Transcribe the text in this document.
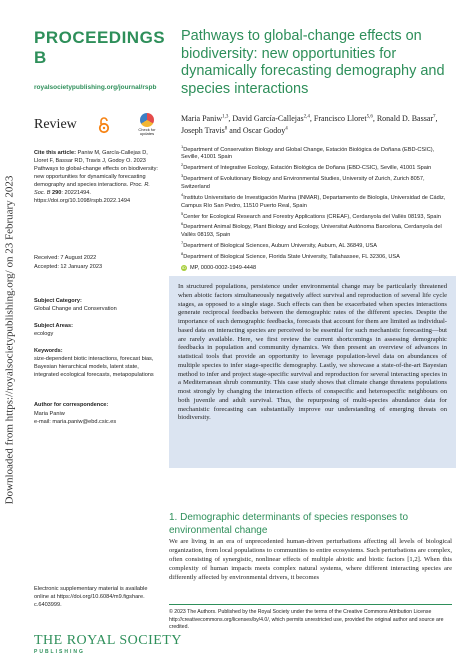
Downloaded from https://royalsocietypublishing.org/ on 23 February 2023
PROCEEDINGS B
royalsocietypublishing.org/journal/rspb
Review	Check for updates
Cite this article: Paniw M, García-Callejas D, Lloret F, Bassar RD, Travis J, Godoy O. 2023 Pathways to global-change effects on biodiversity: new opportunities for dynamically forecasting demography and species interactions. Proc. R. Soc. B 290: 20221494. https://doi.org/10.1098/rspb.2022.1494
Received: 7 August 2022
Accepted: 12 January 2023
Subject Category:
Global Change and Conservation
Subject Areas:
ecology
Keywords:
size-dependent biotic interactions, forecast bias, Bayesian hierarchical models, latent state, integrated ecological forecasts, metapopulations
Author for correspondence:
Maria Paniw
e-mail: maria.paniw@ebd.csic.es
Electronic supplementary material is available online at https://doi.org/10.6084/m9.figshare. c.6403999.
THE ROYAL SOCIETY
PUBLISHING
Pathways to global-change effects on biodiversity: new opportunities for dynamically forecasting demography and species interactions
Maria Paniw$^{1,3}$, David García-Callejas$^{2,4}$, Francisco Lloret$^{5,6}$, Ronald D. Bassar$^7$, Joseph Travis$^8$ and Oscar Godoy$^4$
$^1$Department of Conservation Biology and Global Change, Estación Biológica de Doñana (EBD-CSIC), Seville, 41001 Spain
$^2$Department of Integrative Ecology, Estación Biológica de Doñana (EBD-CSIC), Seville, 41001 Spain
$^3$Department of Evolutionary Biology and Environmental Studies, University of Zurich, Zurich 8057, Switzerland
$^4$Instituto Universitario de Investigación Marina (INMAR), Departamento de Biología, Universidad de Cádiz, Campus Río San Pedro, 11510 Puerto Real, Spain
$^5$Center for Ecological Research and Forestry Applications (CREAF), Cerdanyola del Vallès 08193, Spain
$^6$Department Animal Biology, Plant Biology and Ecology, Universitat Autònoma Barcelona, Cerdanyola del Vallès 08193, Spain
$^7$Department of Biological Sciences, Auburn University, Auburn, AL 36849, USA
$^8$Department of Biological Science, Florida State University, Tallahassee, FL 32306, USA
iD MP, 0000-0002-1949-4448
In structured populations, persistence under environmental change may be particularly threatened when abiotic factors simultaneously negatively affect survival and reproduction of several life cycle stages, as opposed to a single stage. Such effects can then be exacerbated when species interactions generate reciprocal feedbacks between the demographic rates of the different species. Despite the importance of such demographic feedbacks, forecasts that account for them are limited as individual-based data on interacting species are perceived to be essential for such mechanistic forecasting—but are rarely available. Here, we first review the current shortcomings in assessing demographic feedbacks in population and community dynamics. We then present an overview of advances in statistical tools that provide an opportunity to leverage population-level data on abundances of multiple species to infer stage-specific demography. Lastly, we showcase a state-of-the-art Bayesian method to infer and project stage-specific survival and reproduction for several interacting species in a Mediterranean shrub community. This case study shows that climate change threatens populations most strongly by changing the interaction effects of conspecific and heterospecific neighbours on both juvenile and adult survival. Thus, the repurposing of multi-species abundance data for mechanistic forecasting can substantially improve our understanding of emerging threats on biodiversity.
1. Demographic determinants of species responses to environmental change
We are living in an era of unprecedented human-driven perturbations affecting all levels of biological organization, from local populations to communities to entire ecosystems. Such perturbations are complex, often consisting of synergistic, nonlinear effects of multiple abiotic and biotic factors [1,2]. When this complexity of human impacts meets complex natural systems, where different interacting species are differently affected by environmental drivers, it becomes
© 2023 The Authors. Published by the Royal Society under the terms of the Creative Commons Attribution License http://creativecommons.org/licenses/by/4.0/, which permits unrestricted use, provided the original author and source are credited.
